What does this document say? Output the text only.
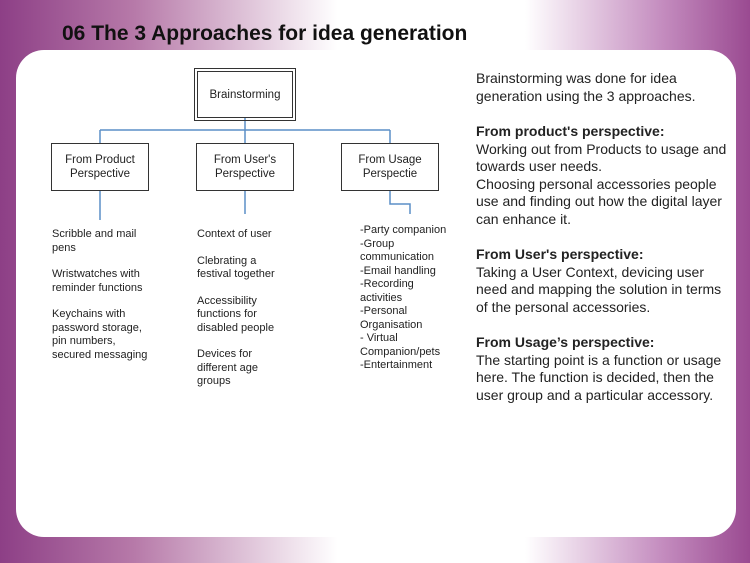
06 The 3 Approaches for idea generation
Brainstorming
From Product
Perspective
From User's
Perspective
From Usage
Perspectie

Scribble and mail pens

Wristwatches with reminder functions

Keychains with password storage, pin numbers, secured messaging

Context of user

Clebrating a festival together

Accessibility functions for disabled people

Devices for different age groups

-Party companion

-Group communication

-Email handling

-Recording activities

-Personal Organisation

- Virtual Companion/pets

-Entertainment

Brainstorming was done for idea generation using the 3 approaches.
From product's perspective:
Working out from Products to usage and towards user needs.
Choosing personal accessories people use and finding out how the digital layer can enhance it.
From User's perspective:
Taking a User Context, devicing user need and mapping the solution in terms of the personal accessories.
From Usage’s perspective:
The starting point is a function or usage here. The function is decided, then the user group and a particular accessory.
